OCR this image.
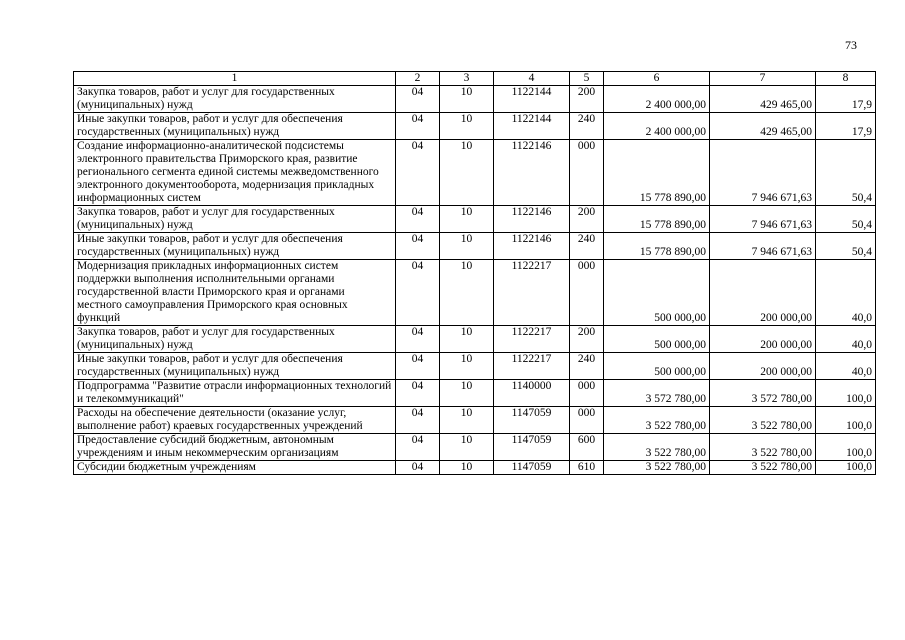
73
1	2	3	4	5	6	7	8
Закупка товаров, работ и услуг для государственных (муниципальных) нужд	04	10	1122144	200	2 400 000,00	429 465,00	17,9
Иные закупки товаров, работ и услуг для обеспечения государственных (муниципальных) нужд	04	10	1122144	240	2 400 000,00	429 465,00	17,9
Создание информационно-аналитической подсистемы электронного правительства Приморского края, развитие регионального сегмента единой системы межведомственного электронного документооборота, модернизация прикладных информационных систем	04	10	1122146	000	15 778 890,00	7 946 671,63	50,4
Закупка товаров, работ и услуг для государственных (муниципальных) нужд	04	10	1122146	200	15 778 890,00	7 946 671,63	50,4
Иные закупки товаров, работ и услуг для обеспечения государственных (муниципальных) нужд	04	10	1122146	240	15 778 890,00	7 946 671,63	50,4
Модернизация прикладных информационных систем поддержки выполнения исполнительными органами государственной власти Приморского края и органами местного самоуправления Приморского края основных функций	04	10	1122217	000	500 000,00	200 000,00	40,0
Закупка товаров, работ и услуг для государственных (муниципальных) нужд	04	10	1122217	200	500 000,00	200 000,00	40,0
Иные закупки товаров, работ и услуг для обеспечения государственных (муниципальных) нужд	04	10	1122217	240	500 000,00	200 000,00	40,0
Подпрограмма "Развитие отрасли информационных технологий и телекоммуникаций"	04	10	1140000	000	3 572 780,00	3 572 780,00	100,0
Расходы на обеспечение деятельности (оказание услуг, выполнение работ) краевых государственных учреждений	04	10	1147059	000	3 522 780,00	3 522 780,00	100,0
Предоставление субсидий бюджетным, автономным учреждениям и иным некоммерческим организациям	04	10	1147059	600	3 522 780,00	3 522 780,00	100,0
Субсидии бюджетным учреждениям	04	10	1147059	610	3 522 780,00	3 522 780,00	100,0
